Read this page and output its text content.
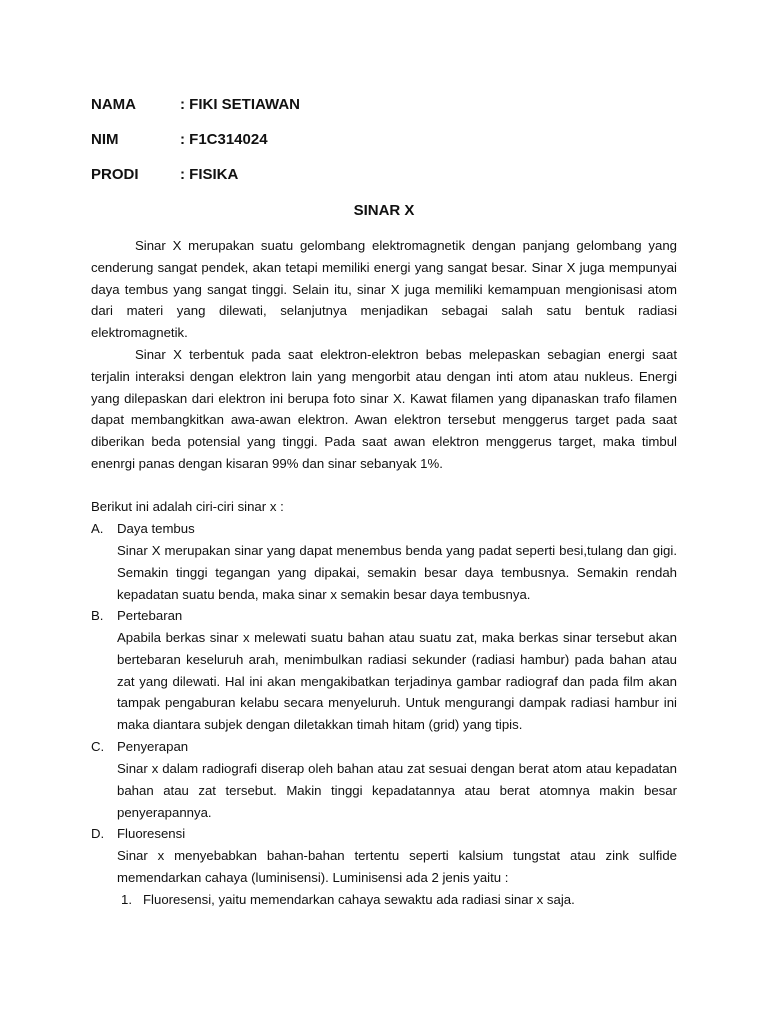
NAMA	: FIKI SETIAWAN
NIM	: F1C314024
PRODI	: FISIKA
SINAR X

Sinar X merupakan suatu gelombang elektromagnetik dengan panjang gelombang yang cenderung sangat pendek, akan tetapi memiliki energi yang sangat besar. Sinar X juga mempunyai daya tembus yang sangat tinggi. Selain itu, sinar X juga memiliki kemampuan mengionisasi atom dari materi yang dilewati, selanjutnya menjadikan sebagai salah satu bentuk radiasi elektromagnetik.

Sinar X terbentuk pada saat elektron-elektron bebas melepaskan sebagian energi saat terjalin interaksi dengan elektron lain yang mengorbit atau dengan inti atom atau nukleus. Energi yang dilepaskan dari elektron ini berupa foto sinar X. Kawat filamen yang dipanaskan trafo filamen dapat membangkitkan awa-awan elektron. Awan elektron tersebut menggerus target pada saat diberikan beda potensial yang tinggi. Pada saat awan elektron menggerus target, maka timbul enenrgi panas dengan kisaran 99% dan sinar sebanyak 1%.

Berikut ini adalah ciri-ciri sinar x :

A. Daya tembus

Sinar X merupakan sinar yang dapat menembus benda yang padat seperti besi,tulang dan gigi. Semakin tinggi tegangan yang dipakai, semakin besar daya tembusnya. Semakin rendah kepadatan suatu benda, maka sinar x semakin besar daya tembusnya.

B. Pertebaran

Apabila berkas sinar x melewati suatu bahan atau suatu zat, maka berkas sinar tersebut akan bertebaran keseluruh arah, menimbulkan radiasi sekunder (radiasi hambur) pada bahan atau zat yang dilewati. Hal ini akan mengakibatkan terjadinya gambar radiograf dan pada film akan tampak pengaburan kelabu secara menyeluruh. Untuk mengurangi dampak radiasi hambur ini maka diantara subjek dengan diletakkan timah hitam (grid) yang tipis.

C. Penyerapan

Sinar x dalam radiografi diserap oleh bahan atau zat sesuai dengan berat atom atau kepadatan bahan atau zat tersebut. Makin tinggi kepadatannya atau berat atomnya makin besar penyerapannya.

D. Fluoresensi

Sinar x menyebabkan bahan-bahan tertentu seperti kalsium tungstat atau zink sulfide memendarkan cahaya (luminisensi). Luminisensi ada 2 jenis yaitu :

1. Fluoresensi, yaitu memendarkan cahaya sewaktu ada radiasi sinar x saja.
